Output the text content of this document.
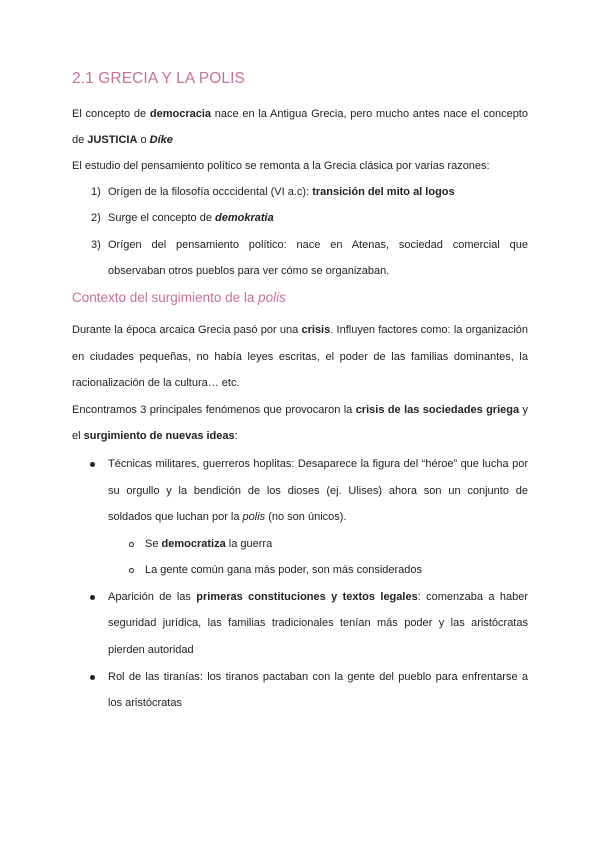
2.1 GRECIA Y LA POLIS
El concepto de democracia nace en la Antigua Grecia, pero mucho antes nace el concepto
de JUSTICIA o Díke
El estudio del pensamiento político se remonta a la Grecia clásica por varias razones:
1) Orígen de la filosofía occcidental (VI a.c): transición del mito al logos
2) Surge el concepto de demokratia
3) Orígen del pensamiento político: nace en Atenas, sociedad comercial que
observaban otros pueblos para ver cómo se organizaban.
Contexto del surgimiento de la polis
Durante la época arcaica Grecia pasó por una crisis. Influyen factores como: la organización
en ciudades pequeñas, no había leyes escritas, el poder de las familias dominantes, la
racionalización de la cultura… etc.
Encontramos 3 principales fenómenos que provocaron la crisis de las sociedades griega y
el surgimiento de nuevas ideas:
Técnicas militares, guerreros hoplitas: Desaparece la figura del “héroe” que lucha por
su orgullo y la bendición de los dioses (ej. Ulises) ahora son un conjunto de
soldados que luchan por la polis (no son únicos).
Se democratiza la guerra
La gente común gana más poder, son más considerados
Aparición de las primeras constituciones y textos legales: comenzaba a haber
seguridad jurídica, las familias tradicionales tenían más poder y las aristócratas
pierden autoridad
Rol de las tiranías: los tiranos pactaban con la gente del pueblo para enfrentarse a
los aristócratas
